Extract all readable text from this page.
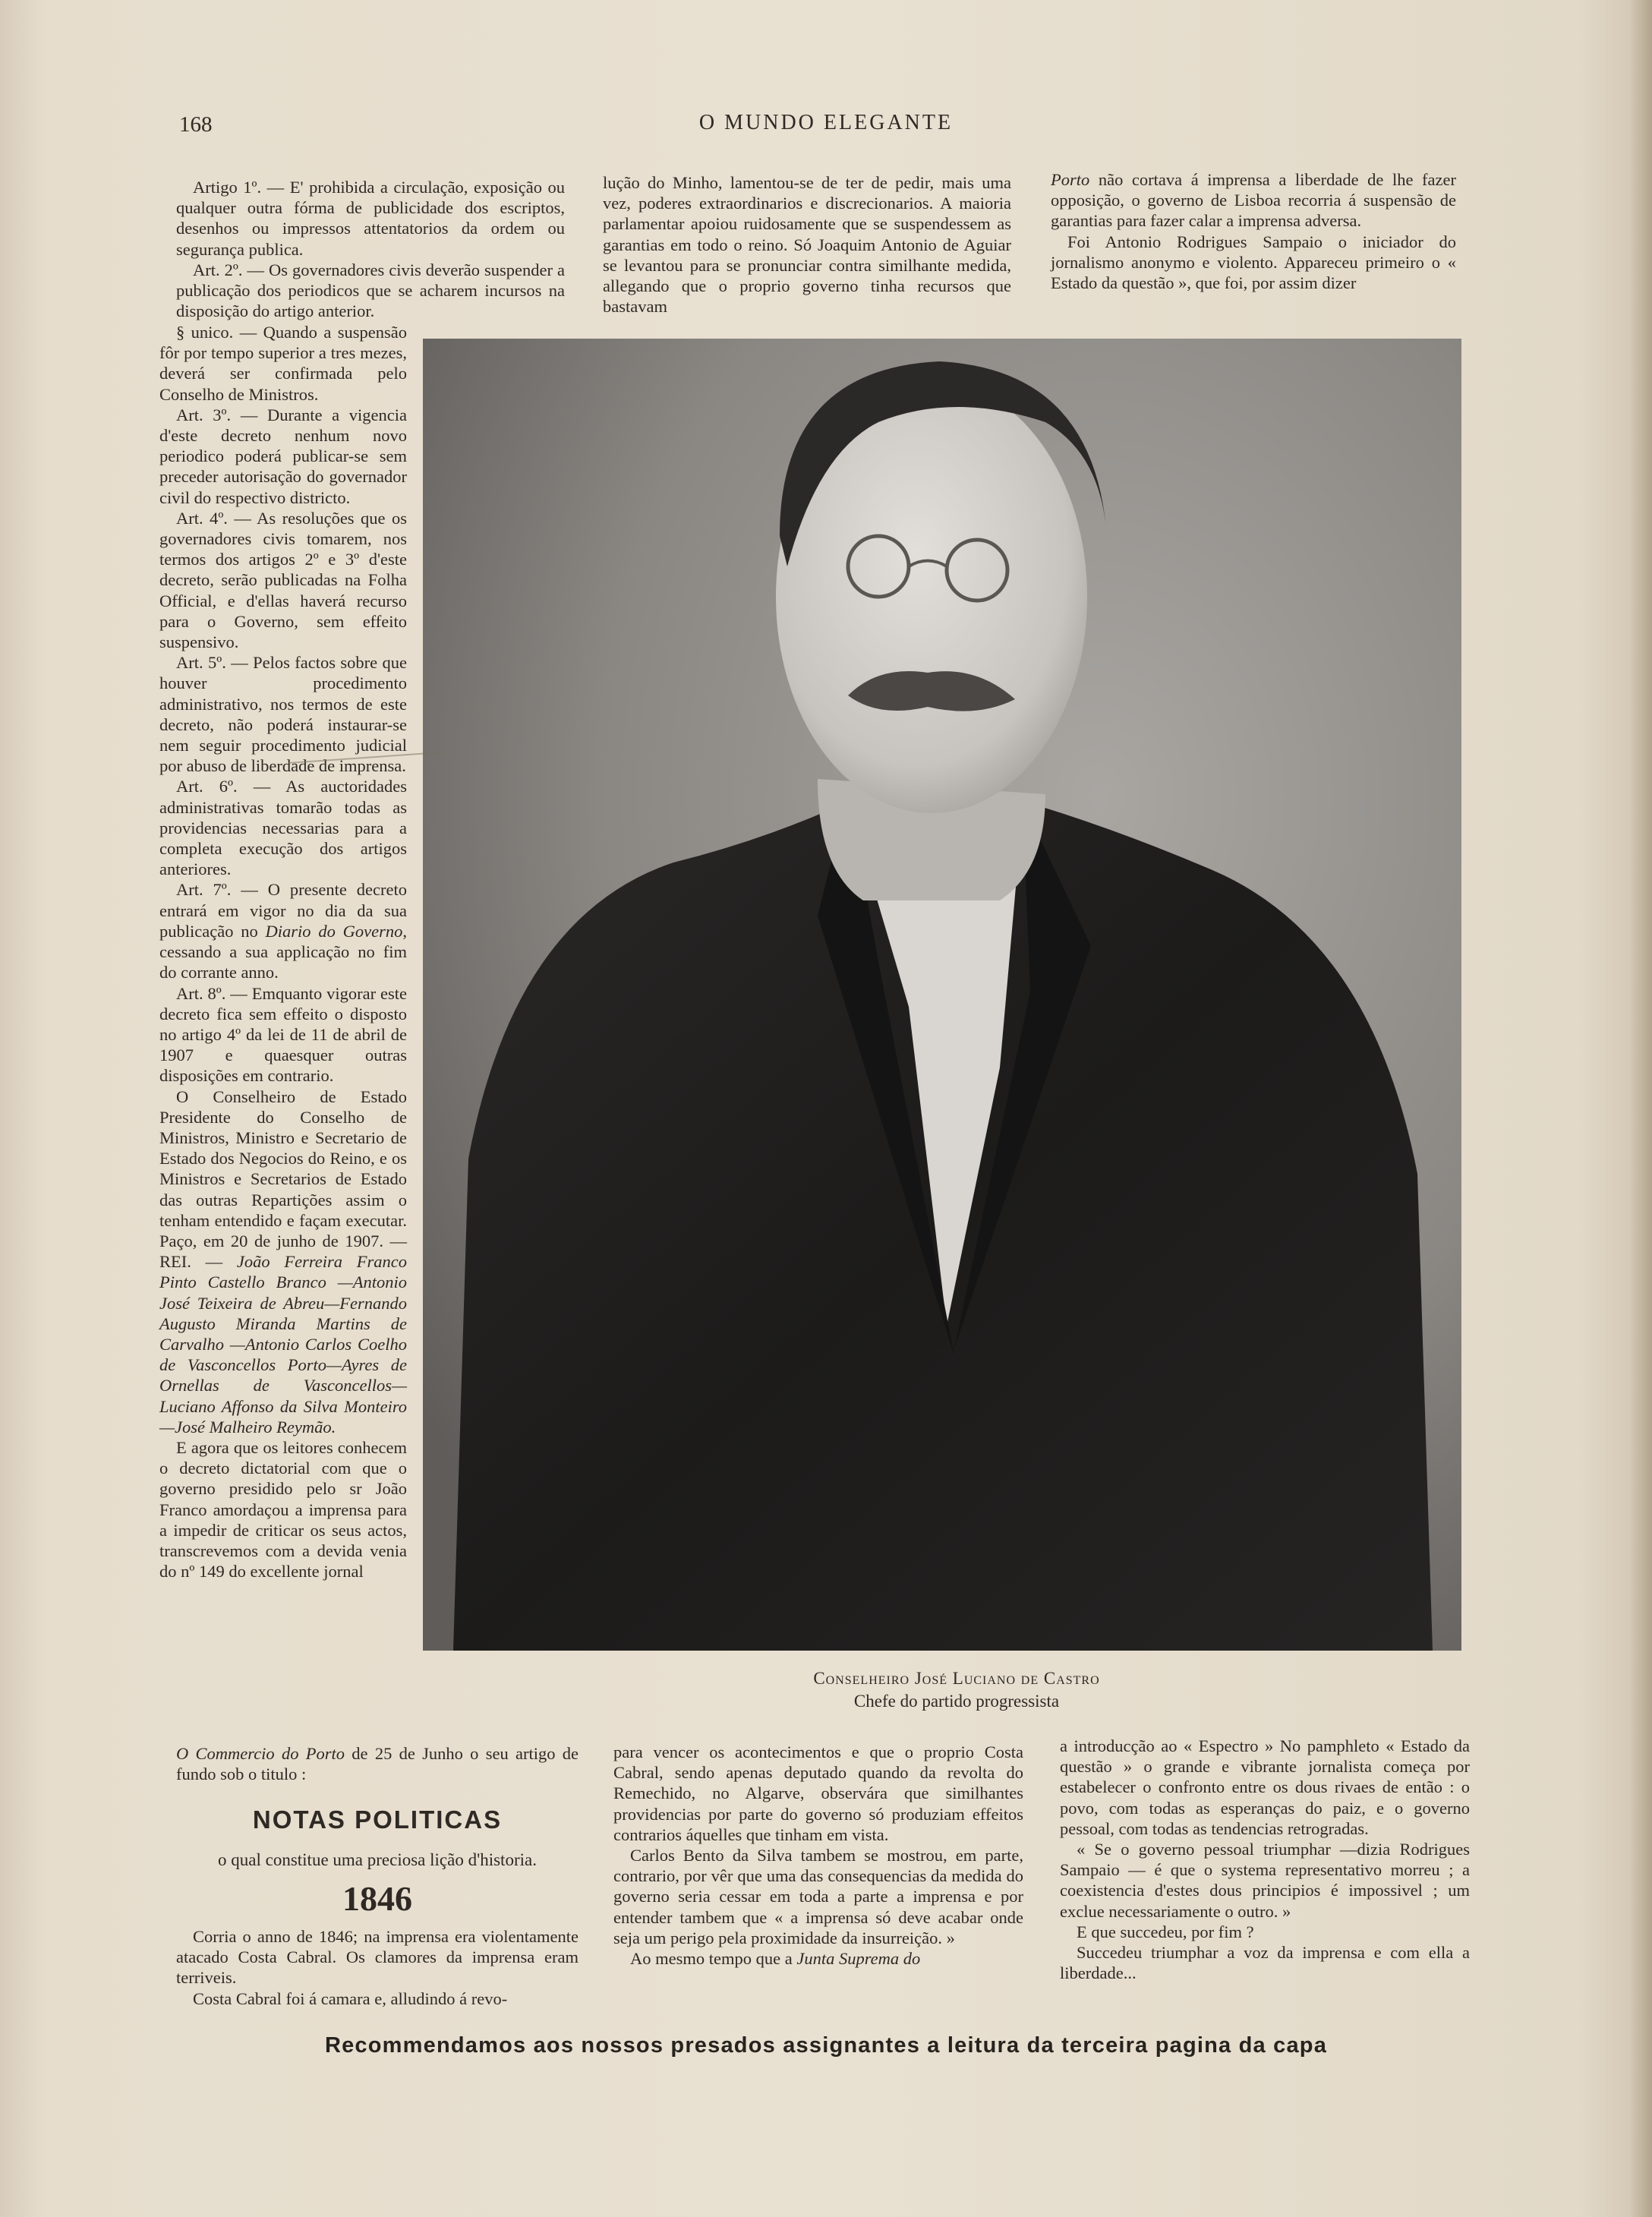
168	O MUNDO ELEGANTE

Artigo 1º. — E' prohibida a circulação, exposição ou qualquer outra fórma de publicidade dos escriptos, desenhos ou impressos attentatorios da ordem ou segurança publica.

Art. 2º. — Os governadores civis deverão suspender a publicação dos periodicos que se acharem incursos na disposição do artigo anterior.

§ unico. — Quando a suspensão fôr por tempo superior a tres mezes, deverá ser confirmada pelo Conselho de Ministros.

Art. 3º. — Durante a vigencia d'este decreto nenhum novo periodico poderá publicar-se sem preceder autorisação do governador civil do respectivo districto.

Art. 4º. — As resoluções que os governadores civis tomarem, nos termos dos artigos 2º e 3º d'este decreto, serão publicadas na Folha Official, e d'ellas haverá recurso para o Governo, sem effeito suspensivo.

Art. 5º. — Pelos factos sobre que houver procedimento administrativo, nos termos de este decreto, não poderá instaurar-se nem seguir procedimento judicial por abuso de liberdade de imprensa.

Art. 6º. — As auctoridades administrativas tomarão todas as providencias necessarias para a completa execução dos artigos anteriores.

Art. 7º. — O presente decreto entrará em vigor no dia da sua publicação no Diario do Governo, cessando a sua applicação no fim do corrante anno.

Art. 8º. — Emquanto vigorar este decreto fica sem effeito o disposto no artigo 4º da lei de 11 de abril de 1907 e quaesquer outras disposições em contrario.

O Conselheiro de Estado Presidente do Conselho de Ministros, Ministro e Secretario de Estado dos Negocios do Reino, e os Ministros e Secretarios de Estado das outras Repartições assim o tenham entendido e façam executar. Paço, em 20 de junho de 1907. — REI. — João Ferreira Franco Pinto Castello Branco —Antonio José Teixeira de Abreu—Fernando Augusto Miranda Martins de Carvalho —Antonio Carlos Coelho de Vasconcellos Porto—Ayres de Ornellas de Vasconcellos— Luciano Affonso da Silva Monteiro —José Malheiro Reymão.

E agora que os leitores conhecem o decreto dictatorial com que o governo presidido pelo sr João Franco amordaçou a imprensa para a impedir de criticar os seus actos, transcrevemos com a devida venia do nº 149 do excellente jornal

lução do Minho, lamentou-se de ter de pedir, mais uma vez, poderes extraordinarios e discrecionarios. A maioria parlamentar apoiou ruidosamente que se suspendessem as garantias em todo o reino. Só Joaquim Antonio de Aguiar se levantou para se pronunciar contra similhante medida, allegando que o proprio governo tinha recursos que bastavam

Porto não cortava á imprensa a liberdade de lhe fazer opposição, o governo de Lisboa recorria á suspensão de garantias para fazer calar a imprensa adversa.

Foi Antonio Rodrigues Sampaio o iniciador do jornalismo anonymo e violento. Appareceu primeiro o « Estado da questão », que foi, por assim dizer

Conselheiro José Luciano de Castro
Chefe do partido progressista

O Commercio do Porto de 25 de Junho o seu artigo de fundo sob o titulo :

NOTAS POLITICAS
o qual constitue uma preciosa lição d'historia.
1846

Corria o anno de 1846; na imprensa era violentamente atacado Costa Cabral. Os clamores da imprensa eram terriveis.

Costa Cabral foi á camara e, alludindo á revo-

para vencer os acontecimentos e que o proprio Costa Cabral, sendo apenas deputado quando da revolta do Remechido, no Algarve, observára que similhantes providencias por parte do governo só produziam effeitos contrarios áquelles que tinham em vista.

Carlos Bento da Silva tambem se mostrou, em parte, contrario, por vêr que uma das consequencias da medida do governo seria cessar em toda a parte a imprensa e por entender tambem que « a imprensa só deve acabar onde seja um perigo pela proximidade da insurreição. »

Ao mesmo tempo que a Junta Suprema do

a introducção ao « Espectro » No pamphleto « Estado da questão » o grande e vibrante jornalista começa por estabelecer o confronto entre os dous rivaes de então : o povo, com todas as esperanças do paiz, e o governo pessoal, com todas as tendencias retrogradas.

« Se o governo pessoal triumphar —dizia Rodrigues Sampaio — é que o systema representativo morreu ; a coexistencia d'estes dous principios é impossivel ; um exclue necessariamente o outro. »

E que succedeu, por fim ?

Succedeu triumphar a voz da imprensa e com ella a liberdade...

Recommendamos aos nossos presados assignantes a leitura da terceira pagina da capa
